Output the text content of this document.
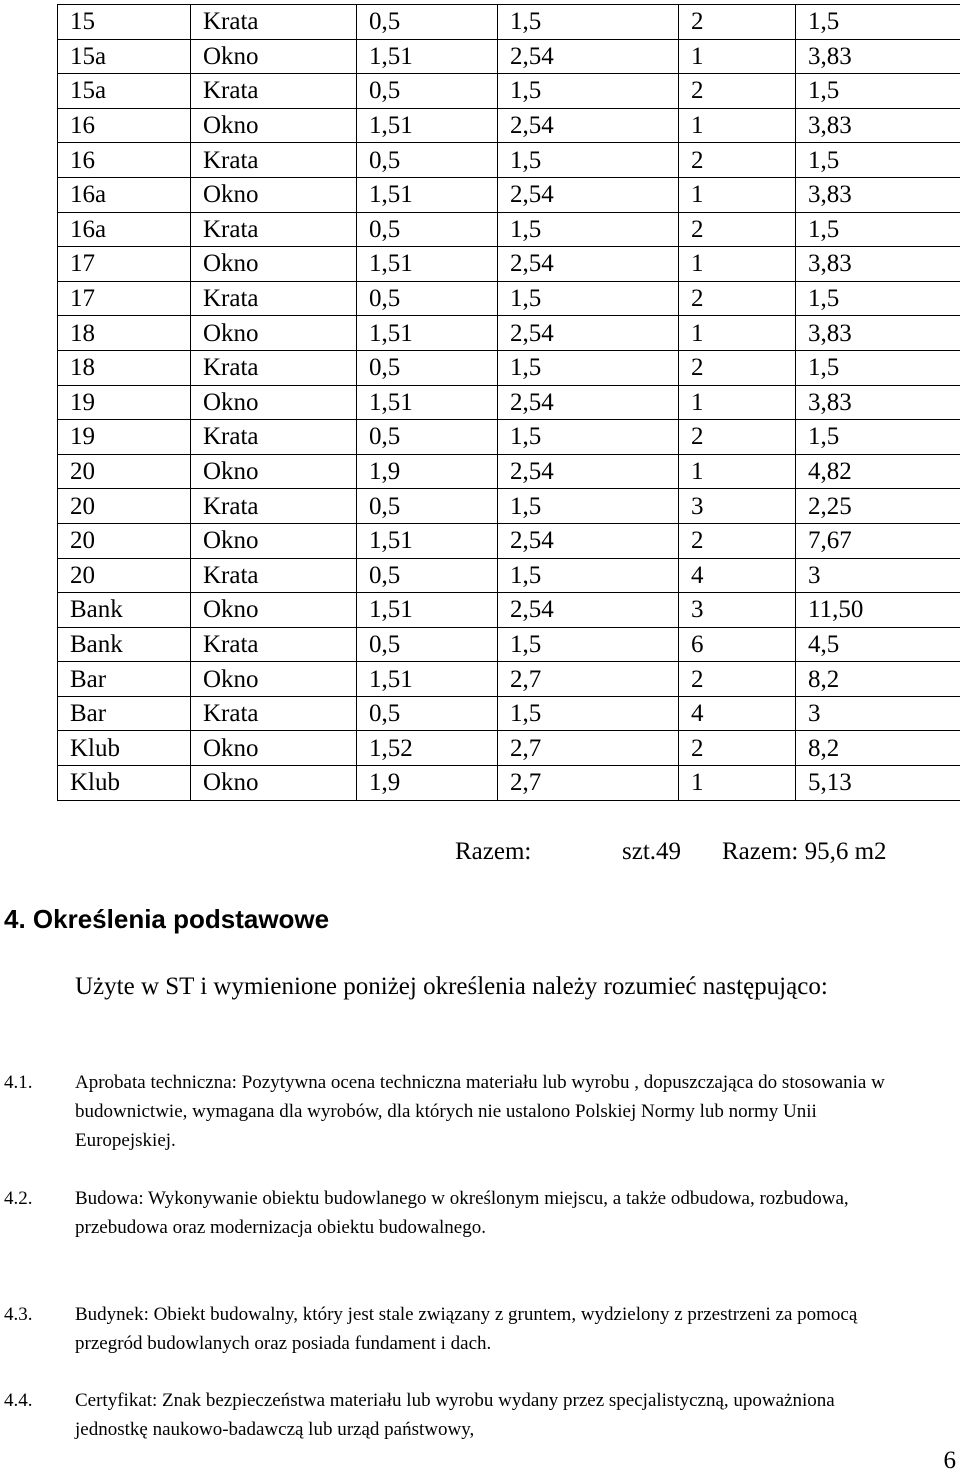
15	Krata	0,5	1,5	2	1,5
15a	Okno	1,51	2,54	1	3,83
15a	Krata	0,5	1,5	2	1,5
16	Okno	1,51	2,54	1	3,83
16	Krata	0,5	1,5	2	1,5
16a	Okno	1,51	2,54	1	3,83
16a	Krata	0,5	1,5	2	1,5
17	Okno	1,51	2,54	1	3,83
17	Krata	0,5	1,5	2	1,5
18	Okno	1,51	2,54	1	3,83
18	Krata	0,5	1,5	2	1,5
19	Okno	1,51	2,54	1	3,83
19	Krata	0,5	1,5	2	1,5
20	Okno	1,9	2,54	1	4,82
20	Krata	0,5	1,5	3	2,25
20	Okno	1,51	2,54	2	7,67
20	Krata	0,5	1,5	4	3
Bank	Okno	1,51	2,54	3	11,50
Bank	Krata	0,5	1,5	6	4,5
Bar	Okno	1,51	2,7	2	8,2
Bar	Krata	0,5	1,5	4	3
Klub	Okno	1,52	2,7	2	8,2
Klub	Okno	1,9	2,7	1	5,13
Razem:	szt.49 Razem: 95,6 m2
4. Określenia podstawowe

Użyte w ST i wymienione poniżej określenia należy rozumieć następująco:

4.1. Aprobata techniczna: Pozytywna ocena techniczna materiału lub wyrobu , dopuszczająca do stosowania w budownictwie, wymagana dla wyrobów, dla których nie ustalono Polskiej Normy lub normy Unii Europejskiej.

4.2. Budowa: Wykonywanie obiektu budowlanego w określonym miejscu, a także odbudowa, rozbudowa, przebudowa oraz modernizacja obiektu budowalnego.

4.3. Budynek: Obiekt budowalny, który jest stale związany z gruntem, wydzielony z przestrzeni za pomocą przegród budowlanych oraz posiada fundament i dach.

4.4. Certyfikat: Znak bezpieczeństwa materiału lub wyrobu wydany przez specjalistyczną, upoważniona jednostkę naukowo-badawczą lub urząd państwowy,

6
